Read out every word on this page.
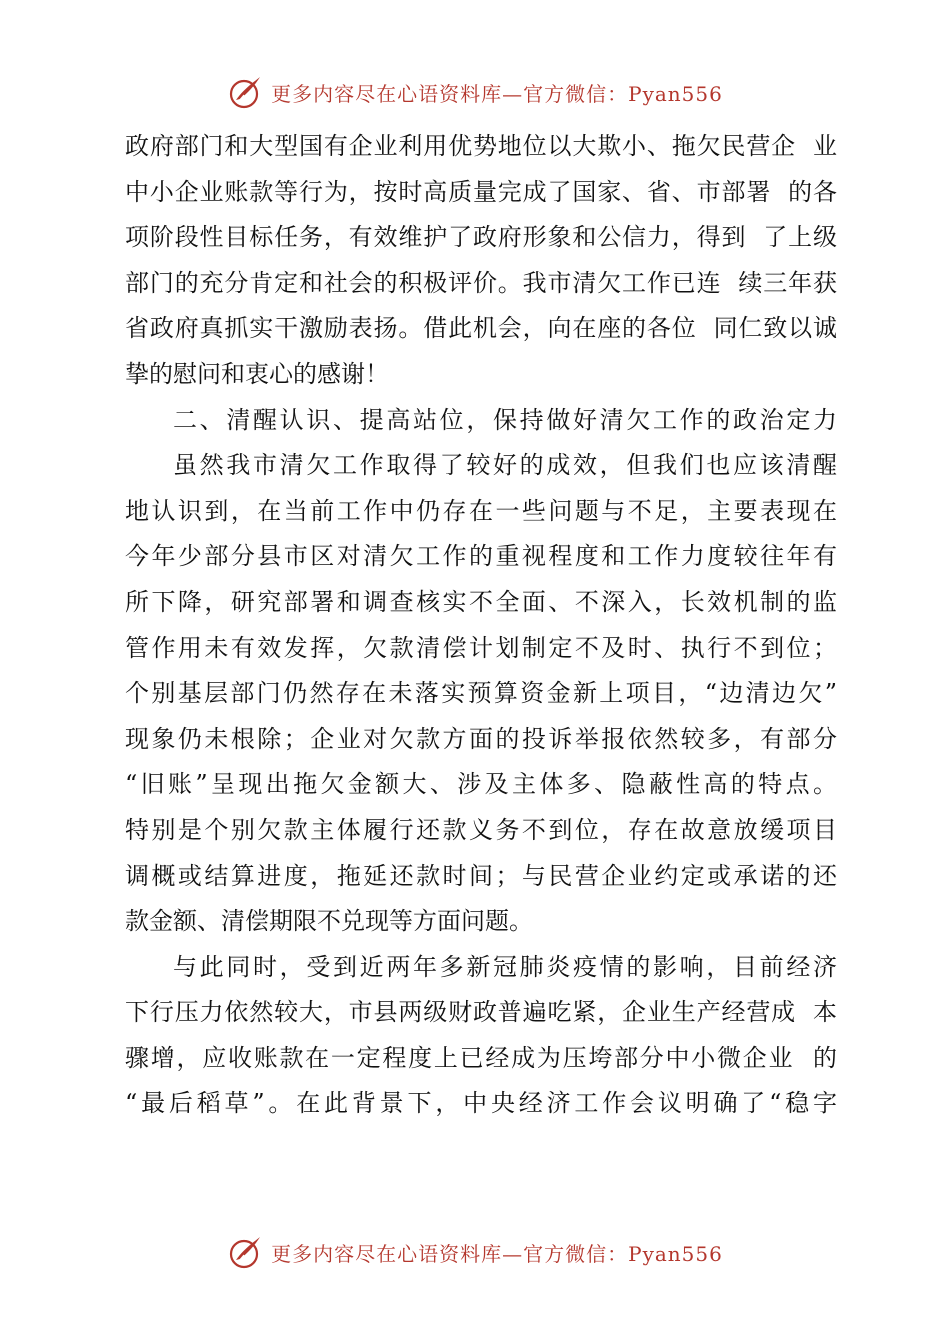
更多内容尽在心语资料库—官方微信：Pyan556
政府部门和大型国有企业利用优势地位以大欺小、拖欠民营企  业
中小企业账款等行为，按时高质量完成了国家、省、市部署  的各
项阶段性目标任务，有效维护了政府形象和公信力，得到  了上级
部门的充分肯定和社会的积极评价。我市清欠工作已连  续三年获
省政府真抓实干激励表扬。借此机会，向在座的各位  同仁致以诚
挚的慰问和衷心的感谢！
二、清醒认识、提高站位，保持做好清欠工作的政治定力
虽然我市清欠工作取得了较好的成效，但我们也应该清醒
地认识到，在当前工作中仍存在一些问题与不足，主要表现在
今年少部分县市区对清欠工作的重视程度和工作力度较往年有
所下降，研究部署和调查核实不全面、不深入，长效机制的监
管作用未有效发挥，欠款清偿计划制定不及时、执行不到位；
个别基层部门仍然存在未落实预算资金新上项目，“边清边欠”
现象仍未根除；企业对欠款方面的投诉举报依然较多，有部分
“旧账”呈现出拖欠金额大、涉及主体多、隐蔽性高的特点。
特别是个别欠款主体履行还款义务不到位，存在故意放缓项目
调概或结算进度，拖延还款时间；与民营企业约定或承诺的还
款金额、清偿期限不兑现等方面问题。
与此同时，受到近两年多新冠肺炎疫情的影响，目前经济
下行压力依然较大，市县两级财政普遍吃紧，企业生产经营成  本
骤增，应收账款在一定程度上已经成为压垮部分中小微企业  的
“最后稻草”。在此背景下，中央经济工作会议明确了“稳字
更多内容尽在心语资料库—官方微信：Pyan556
